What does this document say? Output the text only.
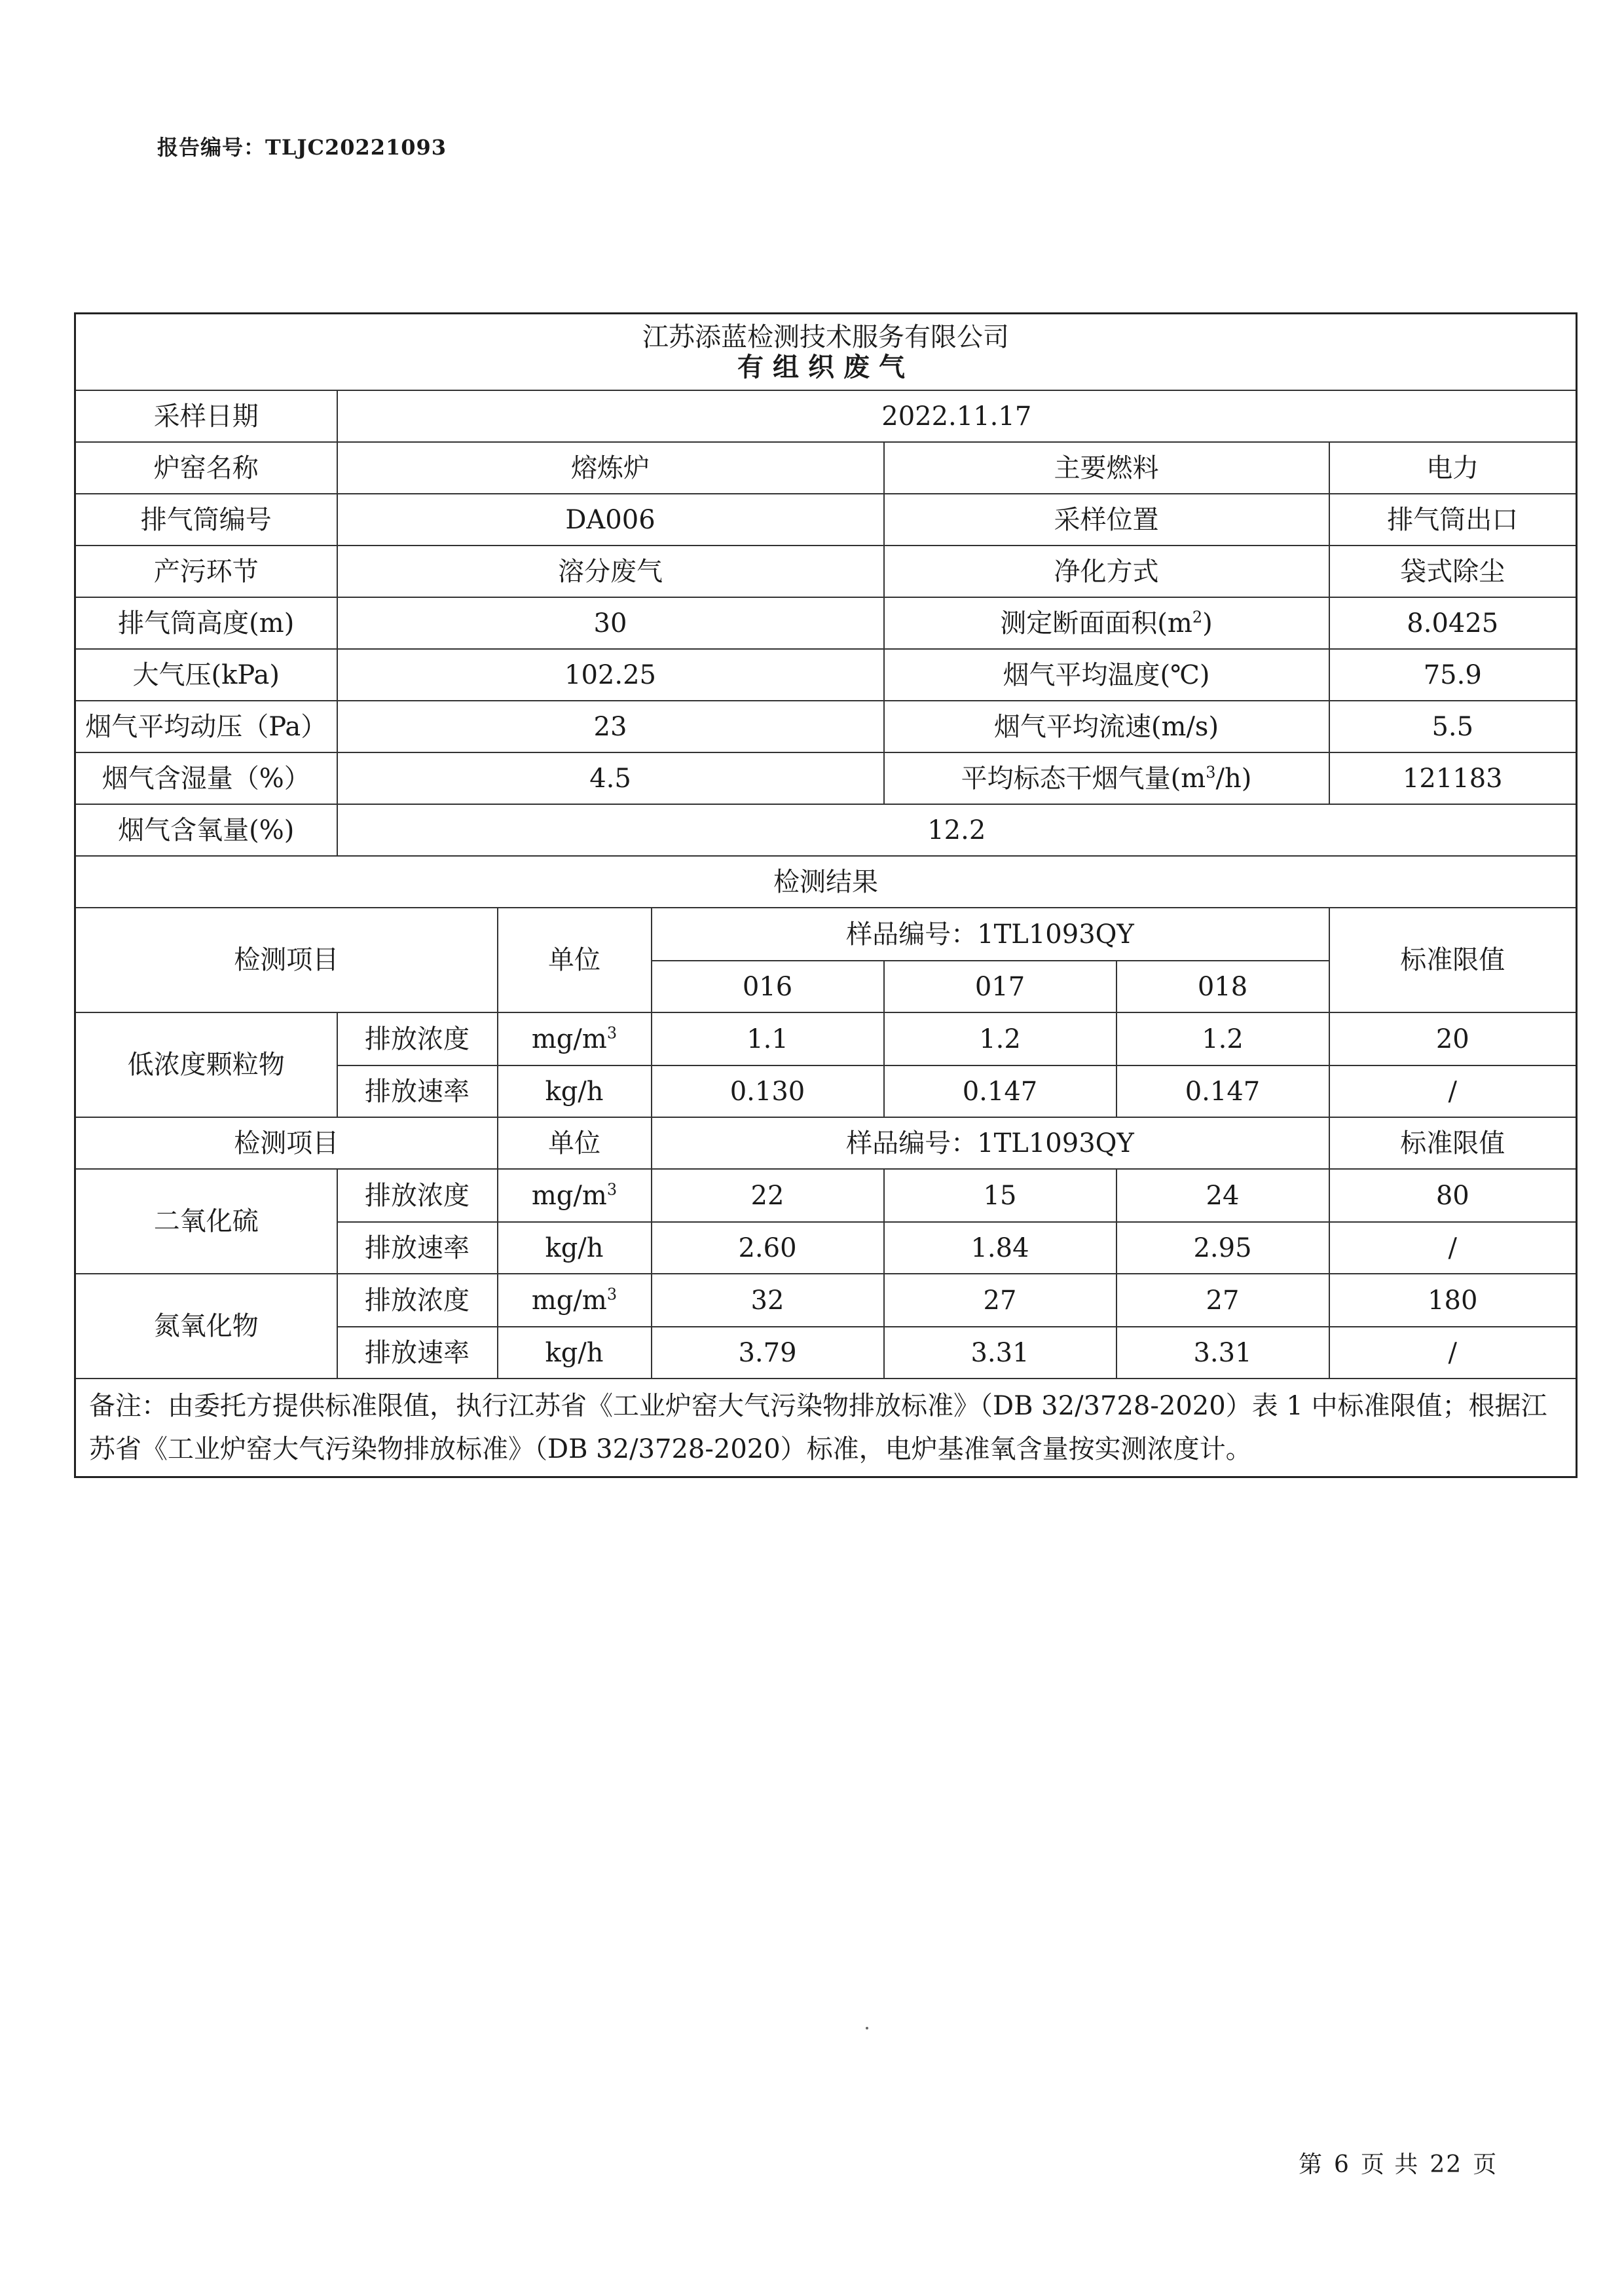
报告编号：TLJC20221093
江苏添蓝检测技术服务有限公司
有组织废气						

采样日期	2022.11.17					
炉窑名称	熔炼炉			主要燃料		电力
排气筒编号	DA006			采样位置		排气筒出口
产污环节	溶分废气			净化方式		袋式除尘
排气筒高度(m)	30			测定断面面积$(m^2)$		8.0425
大气压(kPa)	102.25			烟气平均温度(℃)		75.9
烟气平均动压（Pa）	23			烟气平均流速(m/s)		5.5
烟气含湿量（%）	4.5			平均标态干烟气量$(m^3/h)$		121183
烟气含氧量(%)	12.2					
检测结果						
检测项目		单位	样品编号：1TL1093QY			标准限值
			016	017	018	
低浓度颗粒物	排放浓度	$mg/m^3$	1.1	1.2	1.2	20
	排放速率	kg/h	0.130	0.147	0.147	/
检测项目		单位	样品编号：1TL1093QY			标准限值
二氧化硫	排放浓度	$mg/m^3$	22	15	24	80
	排放速率	kg/h	2.60	1.84	2.95	/
氮氧化物	排放浓度	$mg/m^3$	32	27	27	180
	排放速率	kg/h	3.79	3.31	3.31	/
备注：由委托方提供标准限值，执行江苏省《工业炉窑大气污染物排放标准》（DB 32/3728-2020）表 1 中标准限值；根据江苏省《工业炉窑大气污染物排放标准》（DB 32/3728-2020）标准，电炉基准氧含量按实测浓度计。						
第 6 页 共 22 页
